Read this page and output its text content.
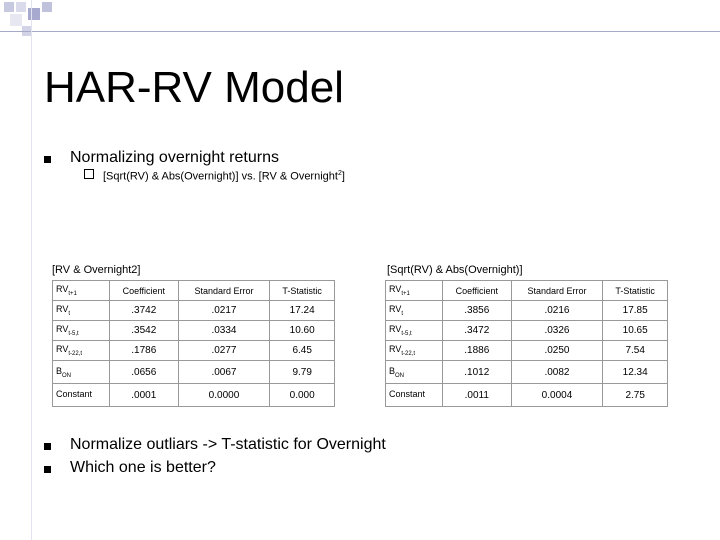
HAR-RV Model
Normalizing overnight returns
[Sqrt(RV) & Abs(Overnight)] vs. [RV & Overnight$^2$]
[RV & Overnight2]	[Sqrt(RV) & Abs(Overnight)]
$RV_{t+1}$	Coefficient	Standard Error	T-Statistic
$RV_t$	.3742	.0217	17.24
$RV_{t-5,t}$	.3542	.0334	10.60
$RV_{t-22,t}$	.1786	.0277	6.45
$B_{ON}$	.0656	.0067	9.79
Constant	.0001	0.0000	0.000
$RV_{t+1}$	Coefficient	Standard Error	T-Statistic
$RV_t$	.3856	.0216	17.85
$RV_{t-5,t}$	.3472	.0326	10.65
$RV_{t-22,t}$	.1886	.0250	7.54
$B_{ON}$	.1012	.0082	12.34
Constant	.0011	0.0004	2.75
Normalize outliars -> T-statistic for Overnight
Which one is better?
